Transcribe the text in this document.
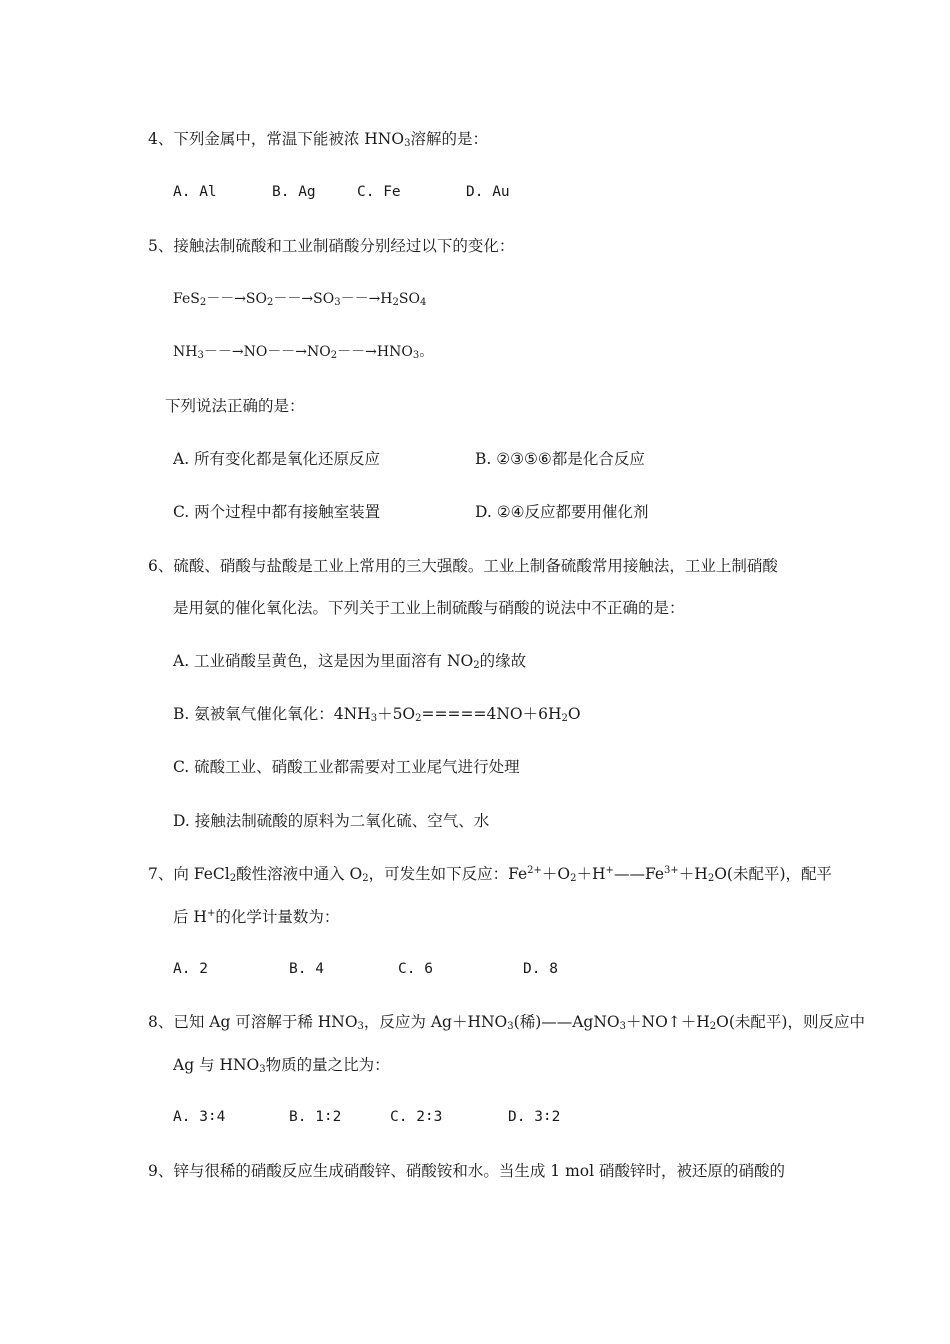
4、下列金属中，常温下能被浓 $HNO_3$溶解的是：
A. Al	B. Ag	C. Fe	D. Au
5、接触法制硫酸和工业制硝酸分别经过以下的变化：
$FeS_2--\to SO_2--\to SO_3--\to H_2SO_4$
$NH_3--\to NO--\to NO_2--\to HNO_3$。
下列说法正确的是：
A. 所有变化都是氧化还原反应	B. ②③⑤⑥都是化合反应
C. 两个过程中都有接触室装置	D. ②④反应都要用催化剂
6、硫酸、硝酸与盐酸是工业上常用的三大强酸。工业上制备硫酸常用接触法，工业上制硝酸
是用氨的催化氧化法。下列关于工业上制硫酸与硝酸的说法中不正确的是：
A. 工业硝酸呈黄色，这是因为里面溶有 $NO_2$的缘故
B. 氨被氧气催化氧化：$4NH_3+5O_2=====4NO+6H_2O$
C. 硫酸工业、硝酸工业都需要对工业尾气进行处理
D. 接触法制硫酸的原料为二氧化硫、空气、水
7、向 FeCl$_2$酸性溶液中通入 $O_2$，可发生如下反应：$Fe^{2+}+O_2+H^+——Fe^{3+}+H_2O$(未配平)，配平
后 H+的化学计量数为：
A. 2	B. 4	C. 6	D. 8
8、已知 Ag 可溶解于稀 $HNO_3$，反应为 $Ag+HNO_3$(稀)$——AgNO_3+NO↑+H_2O$(未配平)，则反应中
Ag 与 $HNO_3$物质的量之比为：
A. 3∶4	B. 1∶2	C. 2∶3	D. 3∶2
9、锌与很稀的硝酸反应生成硝酸锌、硝酸铵和水。当生成 1 mol 硝酸锌时，被还原的硝酸的
